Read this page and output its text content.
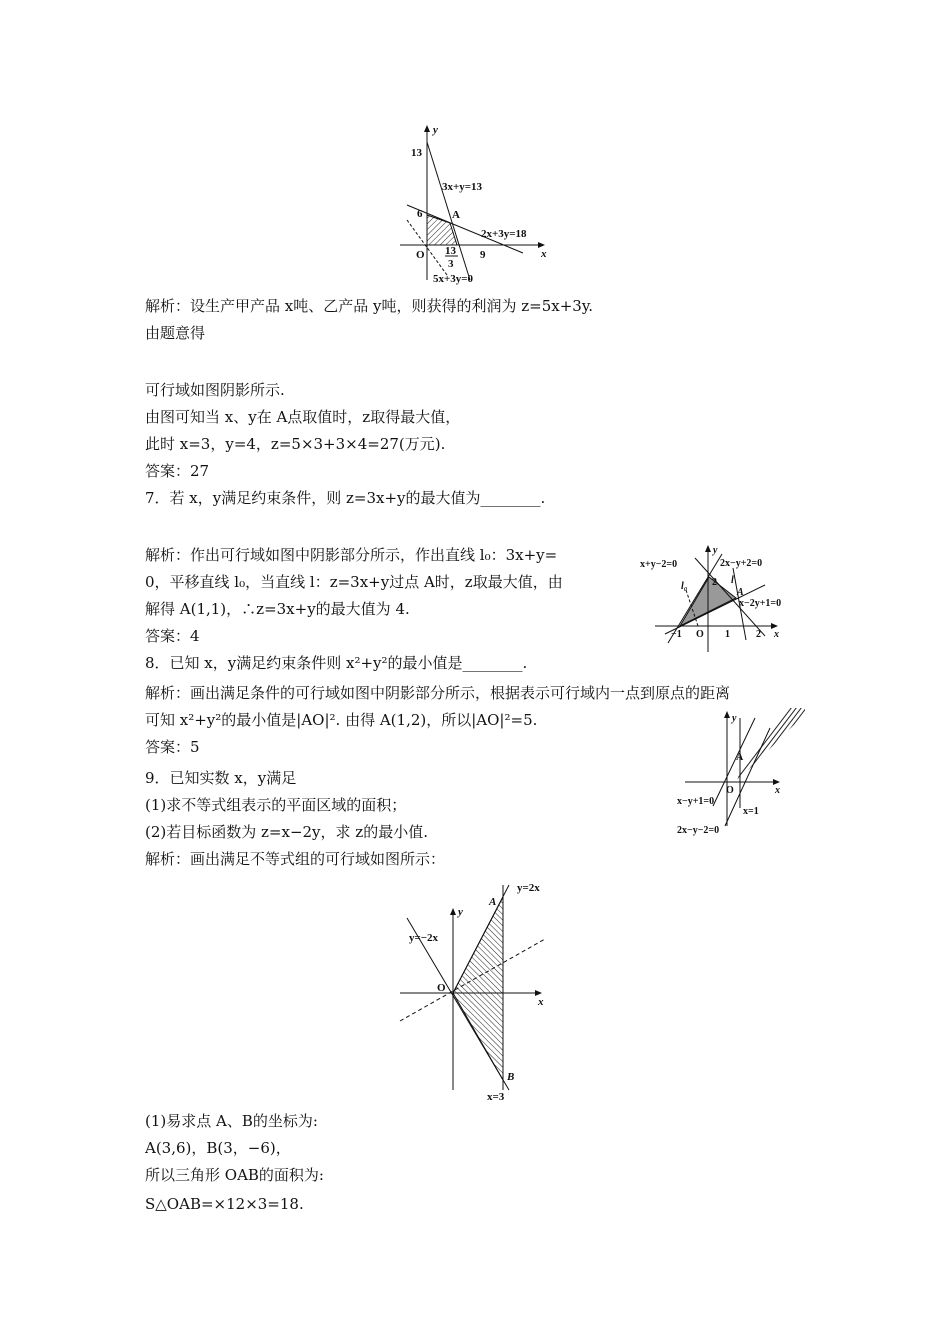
y
x
O
13
6
9
13
3
A
3x+y=13
2x+3y=18
5x+3y=0
解析：设生产甲产品 x吨、乙产品 y吨，则获得的利润为 z=5x+3y.
由题意得
可行域如图阴影所示.
由图可知当 x、y在 A点取值时，z取得最大值，
此时 x=3，y=4，z=5×3+3×4=27(万元).
答案：27
7．若 x，y满足约束条件，则 z=3x+y的最大值为________.
解析：作出可行域如图中阴影部分所示，作出直线 l₀：3x+y=
0，平移直线 l₀，当直线 l：z=3x+y过点 A时，z取最大值，由
解得 A(1,1)，∴z=3x+y的最大值为 4.
答案：4
y
x
O
x+y−2=0	2x−y+2=0
x−2y+1=0
l₀
l
A
2
−1	1	2
8．已知 x，y满足约束条件则 x²+y²的最小值是________.
解析：画出满足条件的可行域如图中阴影部分所示，根据表示可行域内一点到原点的距离
可知 x²+y²的最小值是|AO|². 由得 A(1,2)，所以|AO|²=5.
答案：5
y
x
O
A
x−y+1=0
x=1
2x−y−2=0
9．已知实数 x，y满足
(1)求不等式组表示的平面区域的面积；
(2)若目标函数为 z=x−2y，求 z的最小值.
解析：画出满足不等式组的可行域如图所示：
y
x
O
A
B
y=2x
y=−2x
x=3
(1)易求点 A、B的坐标为:
A(3,6)，B(3，−6)，
所以三角形 OAB的面积为:
S△OAB=×12×3=18.
